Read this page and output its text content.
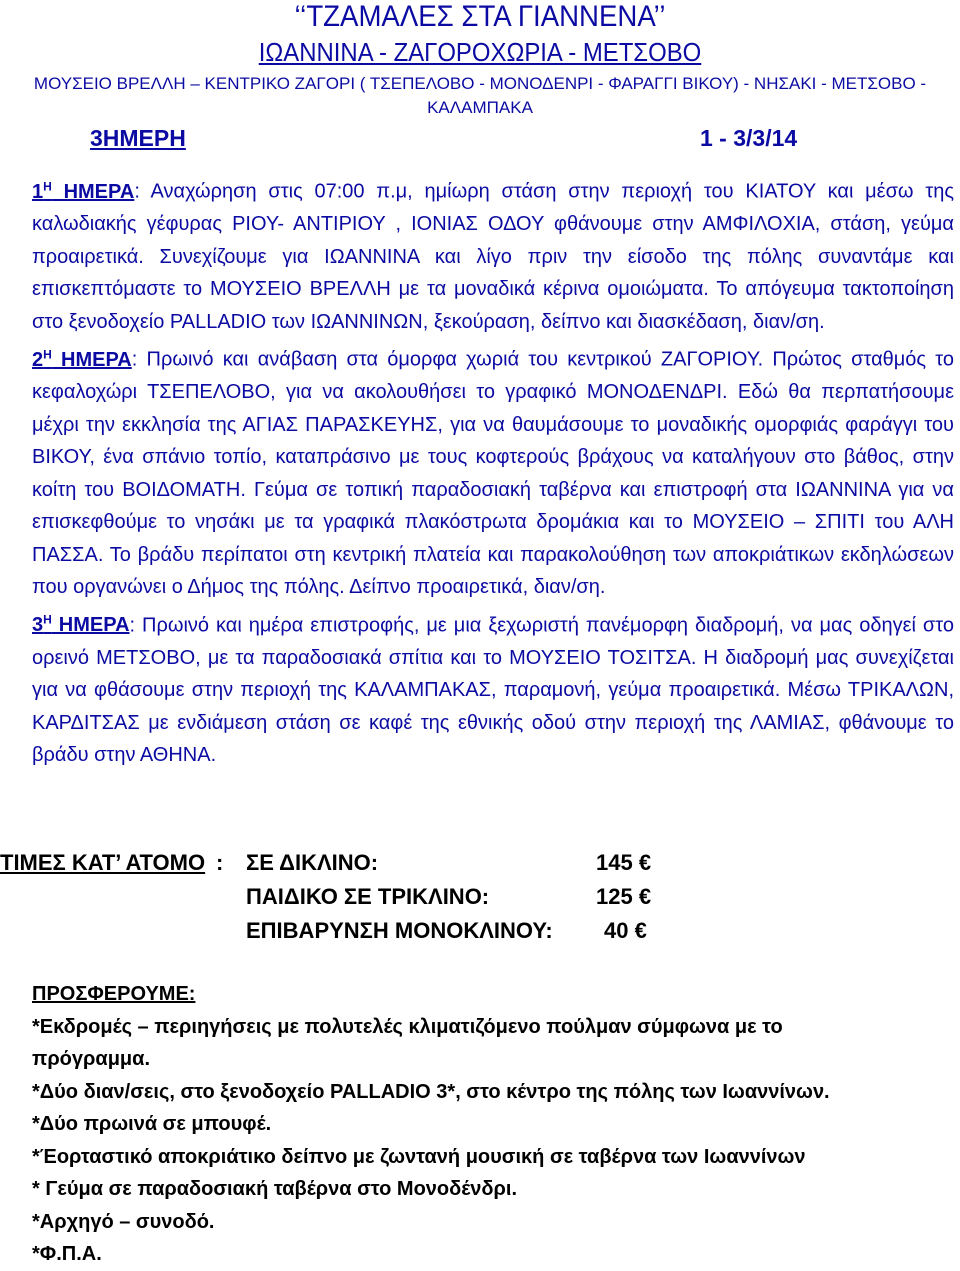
‘‘ΤΖΑΜΑΛΕΣ ΣΤΑ ΓΙΑΝΝΕΝΑ’’
ΙΩΑΝΝΙΝΑ - ΖΑΓΟΡΟΧΩΡΙΑ - ΜΕΤΣΟΒΟ
ΜΟΥΣΕΙΟ ΒΡΕΛΛΗ – ΚΕΝΤΡΙΚΟ ΖΑΓΟΡΙ ( ΤΣΕΠΕΛΟΒΟ - ΜΟΝΟΔΕΝΡΙ - ΦΑΡΑΓΓΙ ΒΙΚΟΥ) - ΝΗΣΑΚΙ - ΜΕΤΣΟΒΟ - ΚΑΛΑΜΠΑΚΑ
3ΗΜΕΡΗ	1 - 3/3/14

$1^H$ ΗΜΕΡΑ: Αναχώρηση στις 07:00 π.μ, ημίωρη στάση στην περιοχή του ΚΙΑΤΟΥ και μέσω της καλωδιακής γέφυρας ΡΙΟΥ- ΑΝΤΙΡΙΟΥ , ΙΟΝΙΑΣ ΟΔΟΥ φθάνουμε στην ΑΜΦΙΛΟΧΙΑ, στάση, γεύμα προαιρετικά. Συνεχίζουμε για ΙΩΑΝΝΙΝΑ και λίγο πριν την είσοδο της πόλης συναντάμε και επισκεπτόμαστε το ΜΟΥΣΕΙΟ ΒΡΕΛΛΗ με τα μοναδικά κέρινα ομοιώματα. Το απόγευμα τακτοποίηση στο ξενοδοχείο PALLADIO των ΙΩΑΝΝΙΝΩΝ, ξεκούραση, δείπνο και διασκέδαση, διαν/ση.

$2^H$ ΗΜΕΡΑ: Πρωινό και ανάβαση στα όμορφα χωριά του κεντρικού ΖΑΓΟΡΙΟΥ. Πρώτος σταθμός το κεφαλοχώρι ΤΣΕΠΕΛΟΒΟ, για να ακολουθήσει το γραφικό ΜΟΝΟΔΕΝΔΡΙ. Εδώ θα περπατήσουμε μέχρι την εκκλησία της ΑΓΙΑΣ ΠΑΡΑΣΚΕΥΗΣ, για να θαυμάσουμε το μοναδικής ομορφιάς φαράγγι του ΒΙΚΟΥ, ένα σπάνιο τοπίο, καταπράσινο με τους κοφτερούς βράχους να καταλήγουν στο βάθος, στην κοίτη του ΒΟΙΔΟΜΑΤΗ. Γεύμα σε τοπική παραδοσιακή ταβέρνα και επιστροφή στα ΙΩΑΝΝΙΝΑ για να επισκεφθούμε το νησάκι με τα γραφικά πλακόστρωτα δρομάκια και το ΜΟΥΣΕΙΟ – ΣΠΙΤΙ του ΑΛΗ ΠΑΣΣΑ. Το βράδυ περίπατοι στη κεντρική πλατεία και παρακολούθηση των αποκριάτικων εκδηλώσεων που οργανώνει ο Δήμος της πόλης. Δείπνο προαιρετικά, διαν/ση.

$3^H$ ΗΜΕΡΑ: Πρωινό και ημέρα επιστροφής, με μια ξεχωριστή πανέμορφη διαδρομή, να μας οδηγεί στο ορεινό ΜΕΤΣΟΒΟ, με τα παραδοσιακά σπίτια και το ΜΟΥΣΕΙΟ ΤΟΣΙΤΣΑ. Η διαδρομή μας συνεχίζεται για να φθάσουμε στην περιοχή της ΚΑΛΑΜΠΑΚΑΣ, παραμονή, γεύμα προαιρετικά. Μέσω ΤΡΙΚΑΛΩΝ, ΚΑΡΔΙΤΣΑΣ με ενδιάμεση στάση σε καφέ της εθνικής οδού στην περιοχή της ΛΑΜΙΑΣ, φθάνουμε το βράδυ στην ΑΘΗΝΑ.

ΤΙΜΕΣ ΚΑΤ’ ΑΤΟΜΟ : ΣΕ ΔΙΚΛΙΝΟ:	145 €
ΠΑΙΔΙΚΟ ΣΕ ΤΡΙΚΛΙΝΟ:	125 €
ΕΠΙΒΑΡΥΝΣΗ ΜΟΝΟΚΛΙΝΟΥ: 40 €
ΠΡΟΣΦΕΡΟΥΜΕ:
*Εκδρομές – περιηγήσεις με πολυτελές κλιματιζόμενο πούλμαν σύμφωνα με το
πρόγραμμα.
*Δύο διαν/σεις, στο ξενοδοχείο PALLADIO 3*, στο κέντρο της πόλης των Ιωαννίνων.
*Δύο πρωινά σε μπουφέ.
*Έορταστικό αποκριάτικο δείπνο με ζωντανή μουσική σε ταβέρνα των Ιωαννίνων
* Γεύμα σε παραδοσιακή ταβέρνα στο Μονοδένδρι.
*Αρχηγό – συνοδό.
*Φ.Π.Α.
